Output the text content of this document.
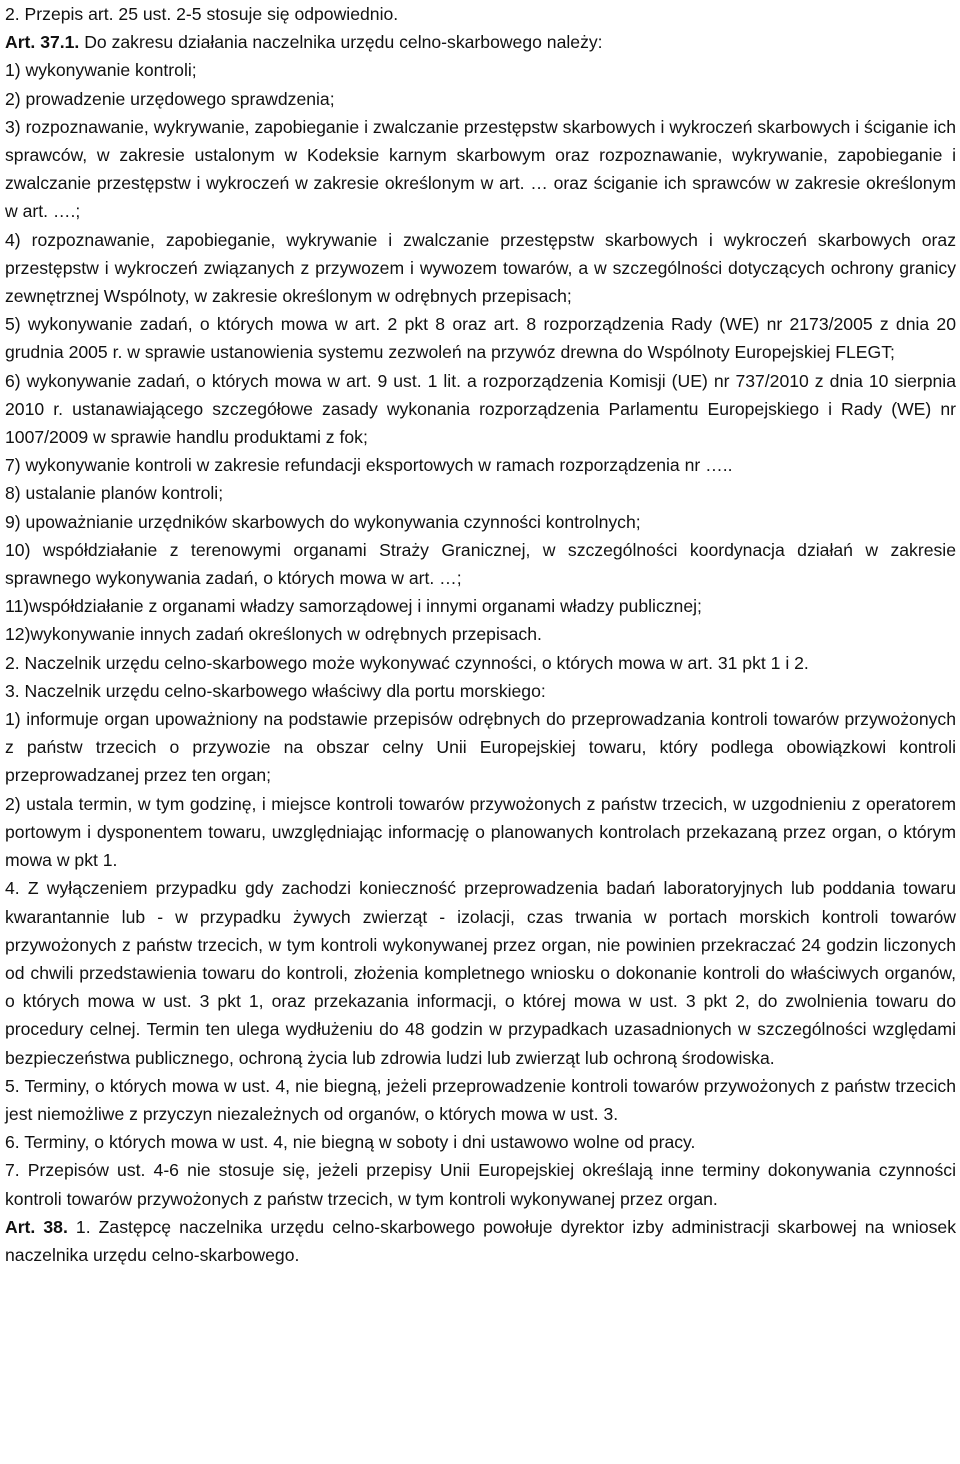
2. Przepis art. 25 ust. 2-5 stosuje się odpowiednio.

Art. 37.1. Do zakresu działania naczelnika urzędu celno-skarbowego należy:

1) wykonywanie kontroli;

2) prowadzenie urzędowego sprawdzenia;

3) rozpoznawanie, wykrywanie, zapobieganie i zwalczanie przestępstw skarbowych i wykroczeń skarbowych i ściganie ich sprawców, w zakresie ustalonym w Kodeksie karnym skarbowym oraz rozpoznawanie, wykrywanie, zapobieganie i zwalczanie przestępstw i wykroczeń w zakresie określonym w art. … oraz ściganie ich sprawców w zakresie określonym w art. ….;

4) rozpoznawanie, zapobieganie, wykrywanie i zwalczanie przestępstw skarbowych i wykroczeń skarbowych oraz przestępstw i wykroczeń związanych z przywozem i wywozem towarów, a w szczególności dotyczących ochrony granicy zewnętrznej Wspólnoty, w zakresie określonym w odrębnych przepisach;

5) wykonywanie zadań, o których mowa w art. 2 pkt 8 oraz art. 8 rozporządzenia Rady (WE) nr 2173/2005 z dnia 20 grudnia 2005 r. w sprawie ustanowienia systemu zezwoleń na przywóz drewna do Wspólnoty Europejskiej FLEGT;

6) wykonywanie zadań, o których mowa w art. 9 ust. 1 lit. a rozporządzenia Komisji (UE) nr 737/2010 z dnia 10 sierpnia 2010 r. ustanawiającego szczegółowe zasady wykonania rozporządzenia Parlamentu Europejskiego i Rady (WE) nr 1007/2009 w sprawie handlu produktami z fok;

7) wykonywanie kontroli w zakresie refundacji eksportowych w ramach rozporządzenia nr …..

8) ustalanie planów kontroli;

9) upoważnianie urzędników skarbowych do wykonywania czynności kontrolnych;

10) współdziałanie z terenowymi organami Straży Granicznej, w szczególności koordynacja działań w zakresie sprawnego wykonywania zadań, o których mowa w art. …;

11)współdziałanie z organami władzy samorządowej i innymi organami władzy publicznej;

12)wykonywanie innych zadań określonych w odrębnych przepisach.

2. Naczelnik urzędu celno-skarbowego może wykonywać czynności, o których mowa w art. 31 pkt 1 i 2.

3. Naczelnik urzędu celno-skarbowego właściwy dla portu morskiego:

1) informuje organ upoważniony na podstawie przepisów odrębnych do przeprowadzania kontroli towarów przywożonych z państw trzecich o przywozie na obszar celny Unii Europejskiej towaru, który podlega obowiązkowi kontroli przeprowadzanej przez ten organ;

2) ustala termin, w tym godzinę, i miejsce kontroli towarów przywożonych z państw trzecich, w uzgodnieniu z operatorem portowym i dysponentem towaru, uwzględniając informację o planowanych kontrolach przekazaną przez organ, o którym mowa w pkt 1.

4. Z wyłączeniem przypadku gdy zachodzi konieczność przeprowadzenia badań laboratoryjnych lub poddania towaru kwarantannie lub - w przypadku żywych zwierząt - izolacji, czas trwania w portach morskich kontroli towarów przywożonych z państw trzecich, w tym kontroli wykonywanej przez organ, nie powinien przekraczać 24 godzin liczonych od chwili przedstawienia towaru do kontroli, złożenia kompletnego wniosku o dokonanie kontroli do właściwych organów, o których mowa w ust. 3 pkt 1, oraz przekazania informacji, o której mowa w ust. 3 pkt 2, do zwolnienia towaru do procedury celnej. Termin ten ulega wydłużeniu do 48 godzin w przypadkach uzasadnionych w szczególności względami bezpieczeństwa publicznego, ochroną życia lub zdrowia ludzi lub zwierząt lub ochroną środowiska.

5. Terminy, o których mowa w ust. 4, nie biegną, jeżeli przeprowadzenie kontroli towarów przywożonych z państw trzecich jest niemożliwe z przyczyn niezależnych od organów, o których mowa w ust. 3.

6. Terminy, o których mowa w ust. 4, nie biegną w soboty i dni ustawowo wolne od pracy.

7. Przepisów ust. 4-6 nie stosuje się, jeżeli przepisy Unii Europejskiej określają inne terminy dokonywania czynności kontroli towarów przywożonych z państw trzecich, w tym kontroli wykonywanej przez organ.

Art. 38. 1. Zastępcę naczelnika urzędu celno-skarbowego powołuje dyrektor izby administracji skarbowej na wniosek naczelnika urzędu celno-skarbowego.
